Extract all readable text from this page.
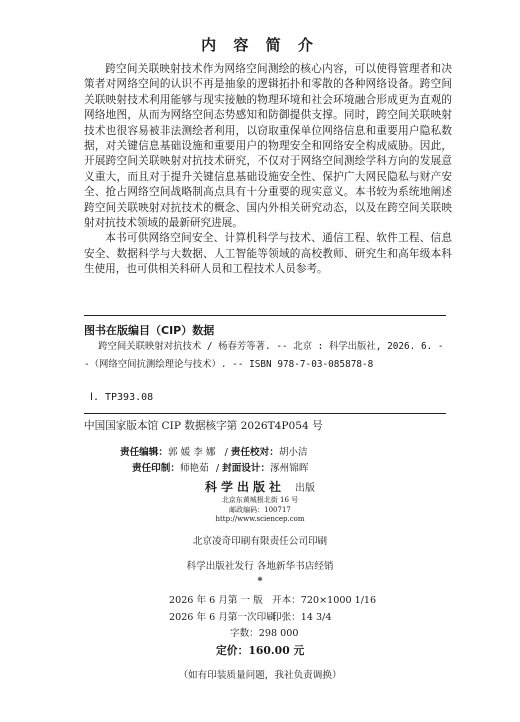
内 容 简 介

跨空间关联映射技术作为网络空间测绘的核心内容，可以使得管理者和决策者对网络空间的认识不再是抽象的逻辑拓扑和零散的各种网络设备。跨空间关联映射技术利用能够与现实接触的物理环境和社会环境融合形成更为直观的网络地图，从而为网络空间态势感知和防御提供支撑。同时，跨空间关联映射技术也很容易被非法测绘者利用，以窃取重保单位网络信息和重要用户隐私数据，对关键信息基础设施和重要用户的物理安全和网络安全构成威胁。因此，开展跨空间关联映射对抗技术研究，不仅对于网络空间测绘学科方向的发展意义重大，而且对于提升关键信息基础设施安全性、保护广大网民隐私与财产安全、抢占网络空间战略制高点具有十分重要的现实意义。本书较为系统地阐述跨空间关联映射对抗技术的概念、国内外相关研究动态，以及在跨空间关联映射对抗技术领域的最新研究进展。

本书可供网络空间安全、计算机科学与技术、通信工程、软件工程、信息安全、数据科学与大数据、人工智能等领域的高校教师、研究生和高年级本科生使用，也可供相关科研人员和工程技术人员参考。

图书在版编目（CIP）数据
跨空间关联映射对抗技术 / 杨春芳等著. -- 北京 : 科学出版社, 2026. 6. --（网络空间抗测绘理论与技术）. -- ISBN 978-7-03-085878-8
Ⅰ. TP393.08
中国国家版本馆 CIP 数据核字第 2026T4P054 号
责任编辑：郭 媛 李 娜 / 责任校对：胡小洁
责任印制：师艳茹 / 封面设计：涿州锦晖
科学出版社 出版
北京东黄城根北街 16 号
邮政编码：100717
http://www.sciencep.com
北京凌奇印刷有限责任公司印刷
科学出版社发行 各地新华书店经销
*
2026 年 6 月第 一 版 开本：720×1000 1/16
2026 年 6 月第一次印刷
印张：14 3/4
字数：298 000
定价：160.00 元
（如有印装质量问题，我社负责调换）
